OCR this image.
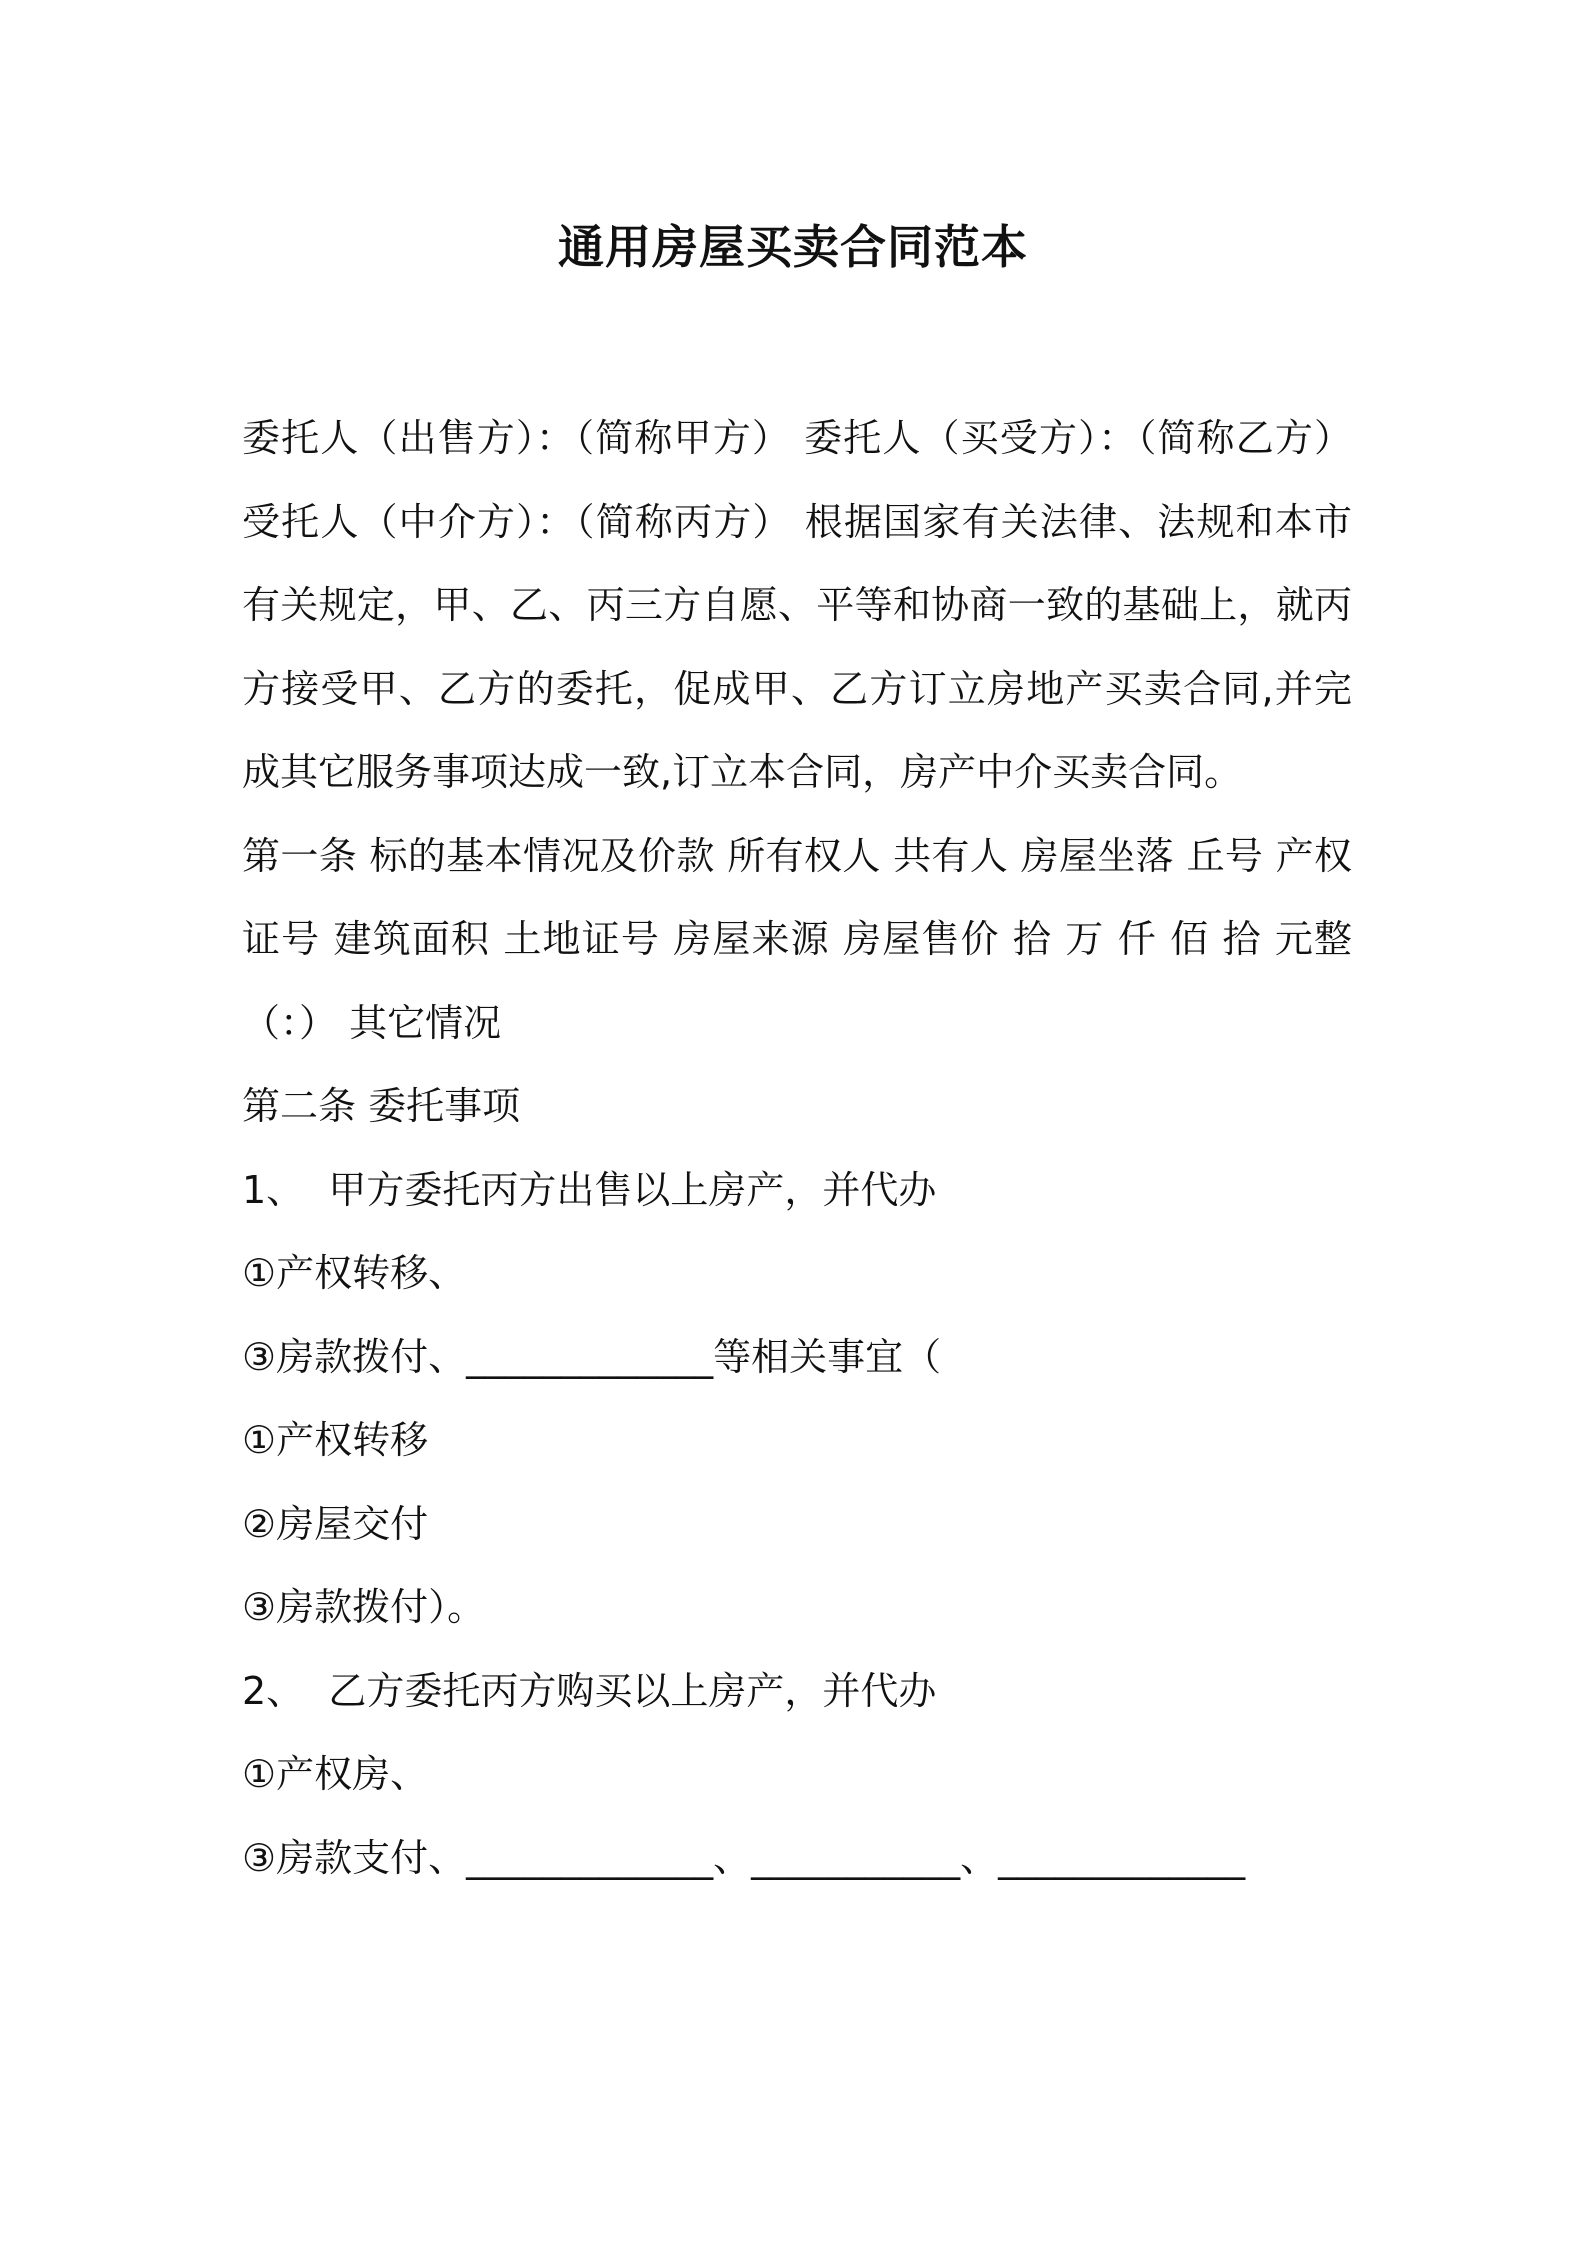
通用房屋买卖合同范本

委托人（出售方）：（简称甲方） 委托人（买受方）：（简称乙方） 受托人（中介方）：（简称丙方） 根据国家有关法律、法规和本市有关规定，甲、乙、丙三方自愿、平等和协商一致的基础上，就丙方接受甲、乙方的委托，促成甲、乙方订立房地产买卖合同,并完成其它服务事项达成一致,订立本合同，房产中介买卖合同。

第一条 标的基本情况及价款 所有权人 共有人 房屋坐落 丘号 产权证号 建筑面积 土地证号 房屋来源 房屋售价 拾 万 仟 佰 拾 元整（：） 其它情况

第二条 委托事项

1、  甲方委托丙方出售以上房产，并代办

①产权转移、

③房款拨付、_____________等相关事宜（

①产权转移

②房屋交付

③房款拨付）。

2、  乙方委托丙方购买以上房产，并代办

①产权房、

③房款支付、_____________、___________、_____________
